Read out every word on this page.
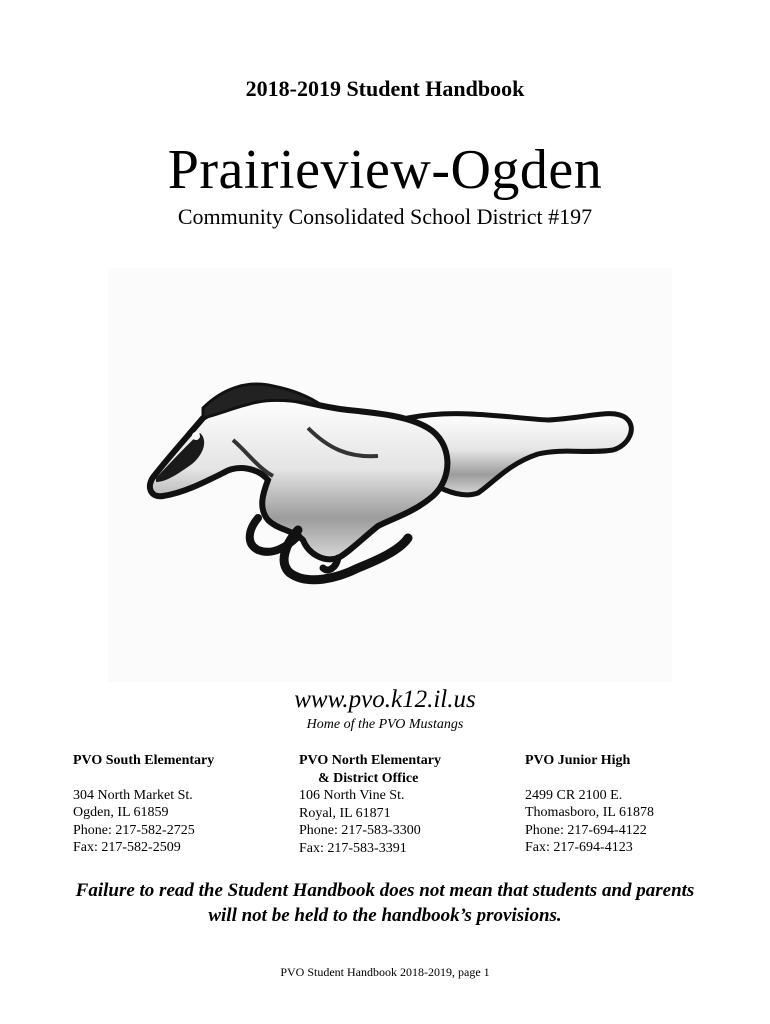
2018-2019 Student Handbook
Prairieview-Ogden
Community Consolidated School District #197
www.pvo.k12.il.us
Home of the PVO Mustangs
PVO South Elementary
304 North Market St.
Ogden, IL 61859
Phone: 217-582-2725
Fax: 217-582-2509
PVO North Elementary
& District Office
106 North Vine St.
Royal, IL 61871
Phone: 217-583-3300
Fax: 217-583-3391
PVO Junior High
2499 CR 2100 E.
Thomasboro, IL 61878
Phone: 217-694-4122
Fax: 217-694-4123
Failure to read the Student Handbook does not mean that students and parents will not be held to the handbook’s provisions.
PVO Student Handbook 2018-2019, page 1
